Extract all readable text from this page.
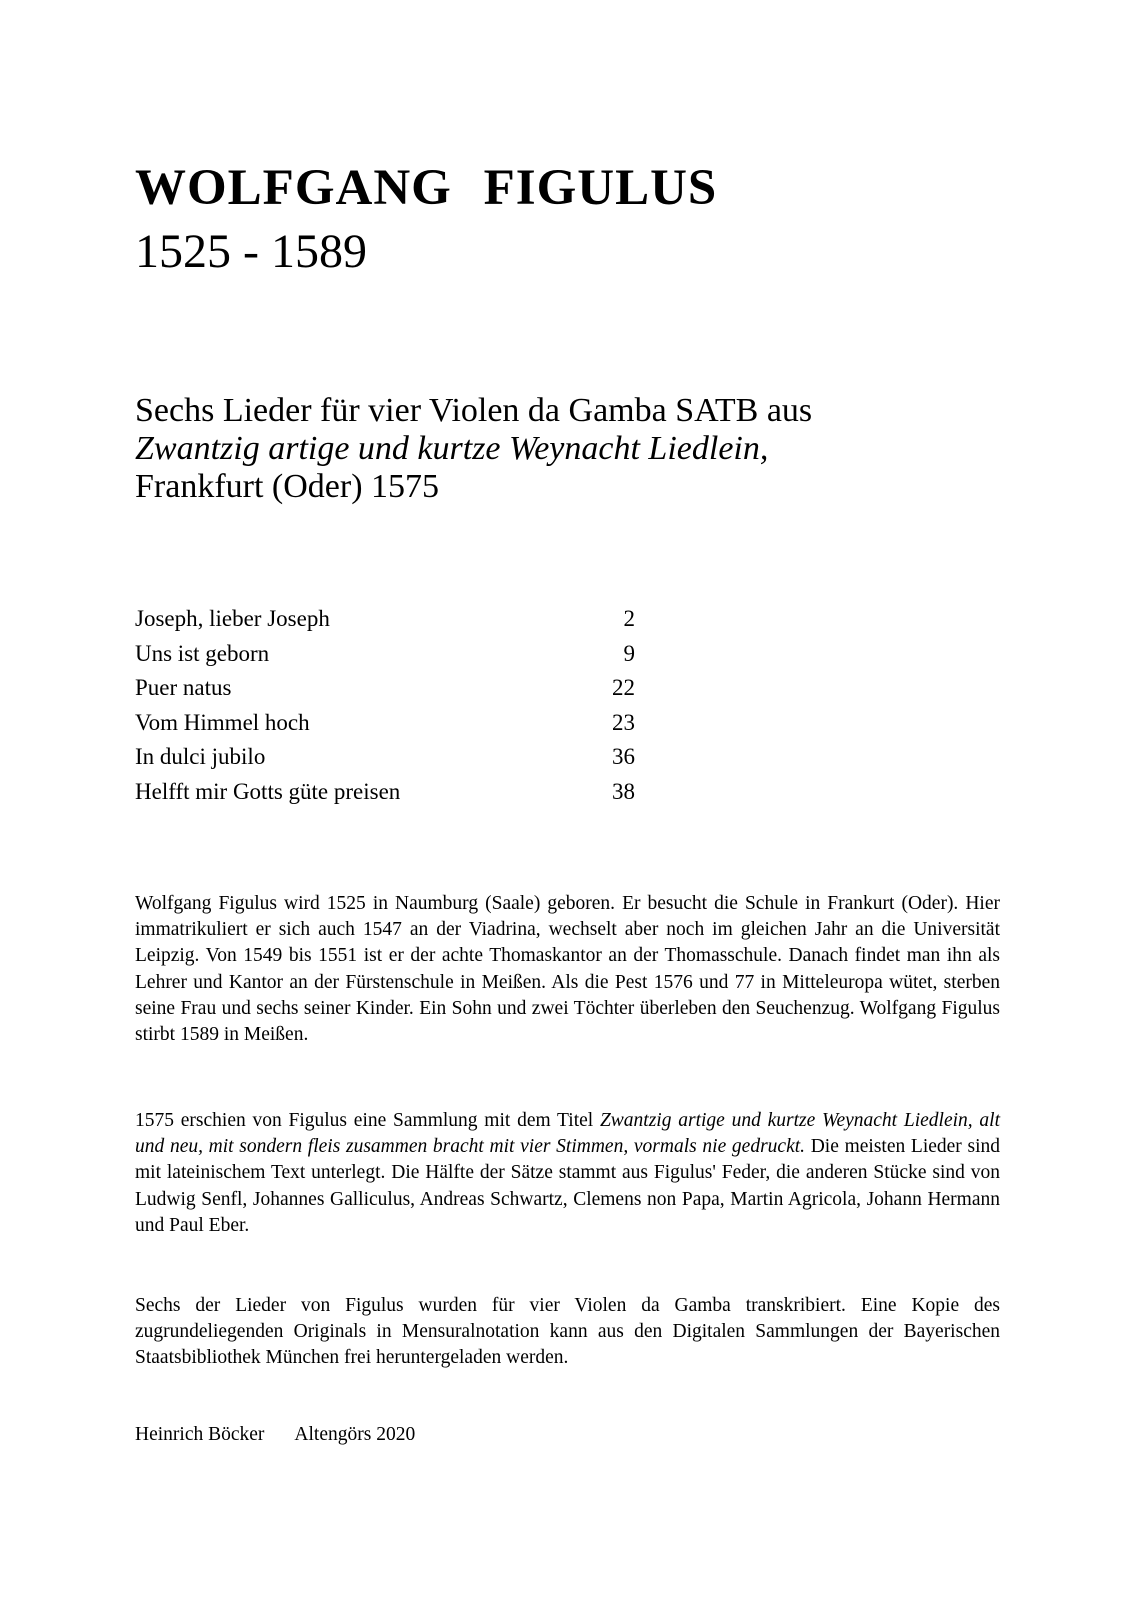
WOLFGANG FIGULUS
1525 - 1589
Sechs Lieder für vier Violen da Gamba SATB aus
Zwantzig artige und kurtze Weynacht Liedlein,
Frankfurt (Oder) 1575
Joseph, lieber Joseph	2
Uns ist geborn	9
Puer natus	22
Vom Himmel hoch	23
In dulci jubilo	36
Helfft mir Gotts güte preisen	38
Wolfgang Figulus wird 1525 in Naumburg (Saale) geboren. Er besucht die Schule in Frankurt (Oder). Hier immatrikuliert er sich auch 1547 an der Viadrina, wechselt aber noch im gleichen Jahr an die Universität Leipzig. Von 1549 bis 1551 ist er der achte Thomaskantor an der Thomasschule. Danach findet man ihn als Lehrer und Kantor an der Fürstenschule in Meißen. Als die Pest 1576 und 77 in Mitteleuropa wütet, sterben seine Frau und sechs seiner Kinder. Ein Sohn und zwei Töchter überleben den Seuchenzug. Wolfgang Figulus stirbt 1589 in Meißen.
1575 erschien von Figulus eine Sammlung mit dem Titel Zwantzig artige und kurtze Weynacht Liedlein, alt und neu, mit sondern fleis zusammen bracht mit vier Stimmen, vormals nie gedruckt. Die meisten Lieder sind mit lateinischem Text unterlegt. Die Hälfte der Sätze stammt aus Figulus' Feder, die anderen Stücke sind von Ludwig Senfl, Johannes Galliculus, Andreas Schwartz, Clemens non Papa, Martin Agricola, Johann Hermann und Paul Eber.
Sechs der Lieder von Figulus wurden für vier Violen da Gamba transkribiert. Eine Kopie des zugrundeliegenden Originals in Mensuralnotation kann aus den Digitalen Sammlungen der Bayerischen Staatsbibliothek München frei heruntergeladen werden.
Heinrich Böcker Altengörs 2020
